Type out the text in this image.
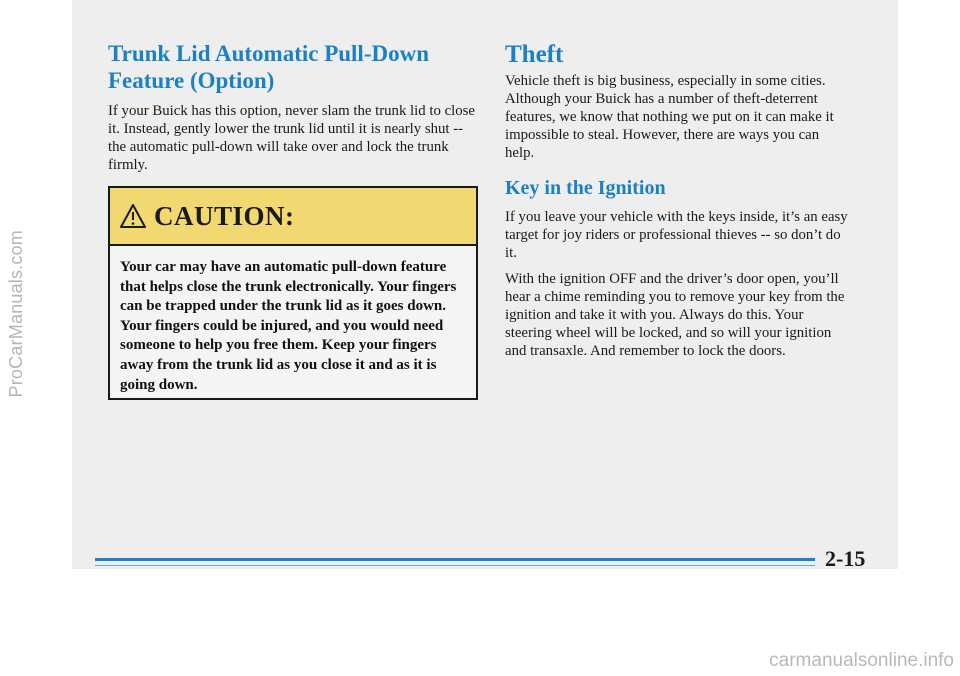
Trunk Lid Automatic Pull-Down Feature (Option)

If your Buick has this option, never slam the trunk lid to close it. Instead, gently lower the trunk lid until it is nearly shut -- the automatic pull-down will take over and lock the trunk firmly.

CAUTION:
Your car may have an automatic pull-down feature that helps close the trunk electronically. Your fingers can be trapped under the trunk lid as it goes down. Your fingers could be injured, and you would need someone to help you free them. Keep your fingers away from the trunk lid as you close it and as it is going down.
Theft

Vehicle theft is big business, especially in some cities. Although your Buick has a number of theft-deterrent features, we know that nothing we put on it can make it impossible to steal. However, there are ways you can help.

Key in the Ignition

If you leave your vehicle with the keys inside, it’s an easy target for joy riders or professional thieves -- so don’t do it.

With the ignition OFF and the driver’s door open, you’ll hear a chime reminding you to remove your key from the ignition and take it with you. Always do this. Your steering wheel will be locked, and so will your ignition and transaxle. And remember to lock the doors.

2-15
ProCarManuals.com
carmanualsonline.info
